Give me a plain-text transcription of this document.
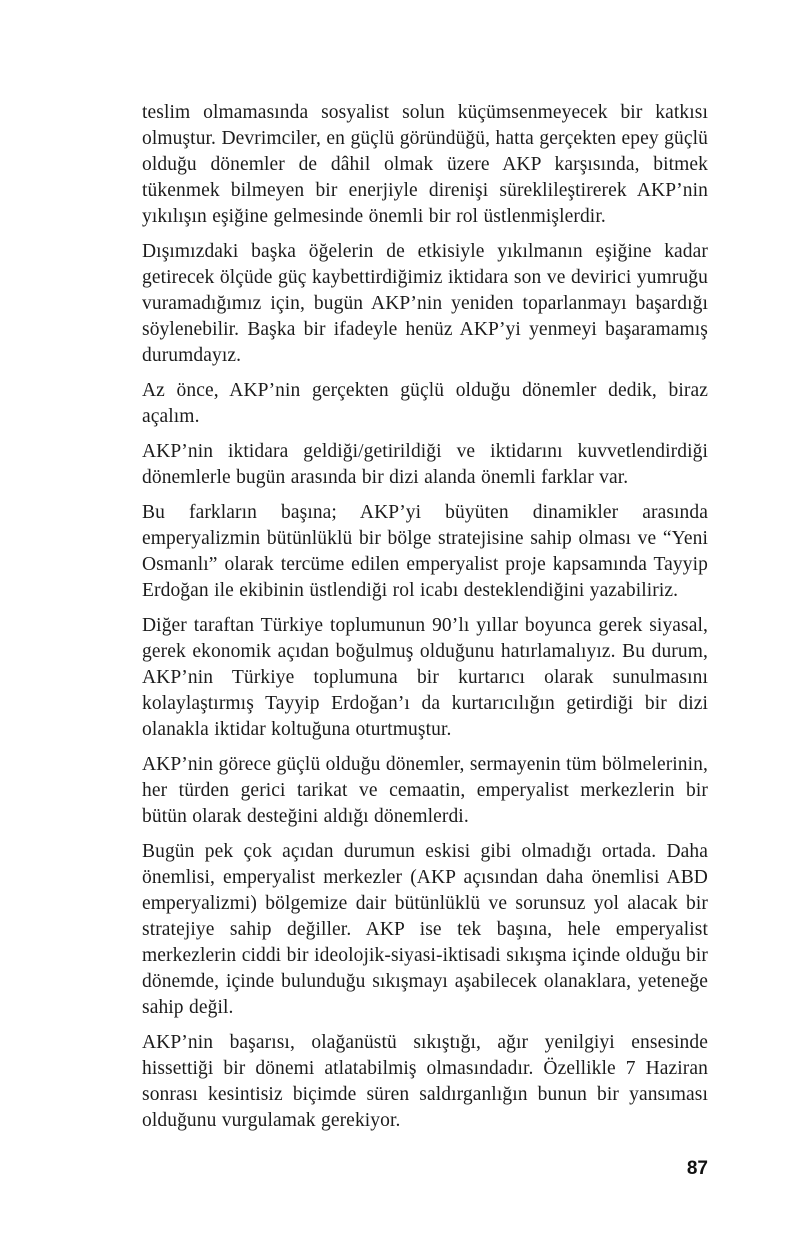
teslim olmamasında sosyalist solun küçümsenmeyecek bir katkısı olmuştur. Devrimciler, en güçlü göründüğü, hatta gerçekten epey güçlü olduğu dönemler de dâhil olmak üzere AKP karşısında, bitmek tükenmek bilmeyen bir enerjiyle direnişi süreklileştirerek AKP’nin yıkılışın eşiğine gelmesinde önemli bir rol üstlenmişlerdir.

Dışımızdaki başka öğelerin de etkisiyle yıkılmanın eşiğine kadar getirecek ölçüde güç kaybettirdiğimiz iktidara son ve devirici yumruğu vuramadığımız için, bugün AKP’nin yeniden toparlanmayı başardığı söylenebilir. Başka bir ifadeyle henüz AKP’yi yenmeyi başaramamış durumdayız.

Az önce, AKP’nin gerçekten güçlü olduğu dönemler dedik, biraz açalım.

AKP’nin iktidara geldiği/getirildiği ve iktidarını kuvvetlendirdiği dönemlerle bugün arasında bir dizi alanda önemli farklar var.

Bu farkların başına; AKP’yi büyüten dinamikler arasında emperyalizmin bütünlüklü bir bölge stratejisine sahip olması ve “Yeni Osmanlı” olarak tercüme edilen emperyalist proje kapsamında Tayyip Erdoğan ile ekibinin üstlendiği rol icabı desteklendiğini yazabiliriz.

Diğer taraftan Türkiye toplumunun 90’lı yıllar boyunca gerek siyasal, gerek ekonomik açıdan boğulmuş olduğunu hatırlamalıyız. Bu durum, AKP’nin Türkiye toplumuna bir kurtarıcı olarak sunulmasını kolaylaştırmış Tayyip Erdoğan’ı da kurtarıcılığın getirdiği bir dizi olanakla iktidar koltuğuna oturtmuştur.

AKP’nin görece güçlü olduğu dönemler, sermayenin tüm bölmelerinin, her türden gerici tarikat ve cemaatin, emperyalist merkezlerin bir bütün olarak desteğini aldığı dönemlerdi.

Bugün pek çok açıdan durumun eskisi gibi olmadığı ortada. Daha önemlisi, emperyalist merkezler (AKP açısından daha önemlisi ABD emperyalizmi) bölgemize dair bütünlüklü ve sorunsuz yol alacak bir stratejiye sahip değiller. AKP ise tek başına, hele emperyalist merkezlerin ciddi bir ideolojik-siyasi-iktisadi sıkışma içinde olduğu bir dönemde, içinde bulunduğu sıkışmayı aşabilecek olanaklara, yeteneğe sahip değil.

AKP’nin başarısı, olağanüstü sıkıştığı, ağır yenilgiyi ensesinde hissettiği bir dönemi atlatabilmiş olmasındadır. Özellikle 7 Haziran sonrası kesintisiz biçimde süren saldırganlığın bunun bir yansıması olduğunu vurgulamak gerekiyor.

87
